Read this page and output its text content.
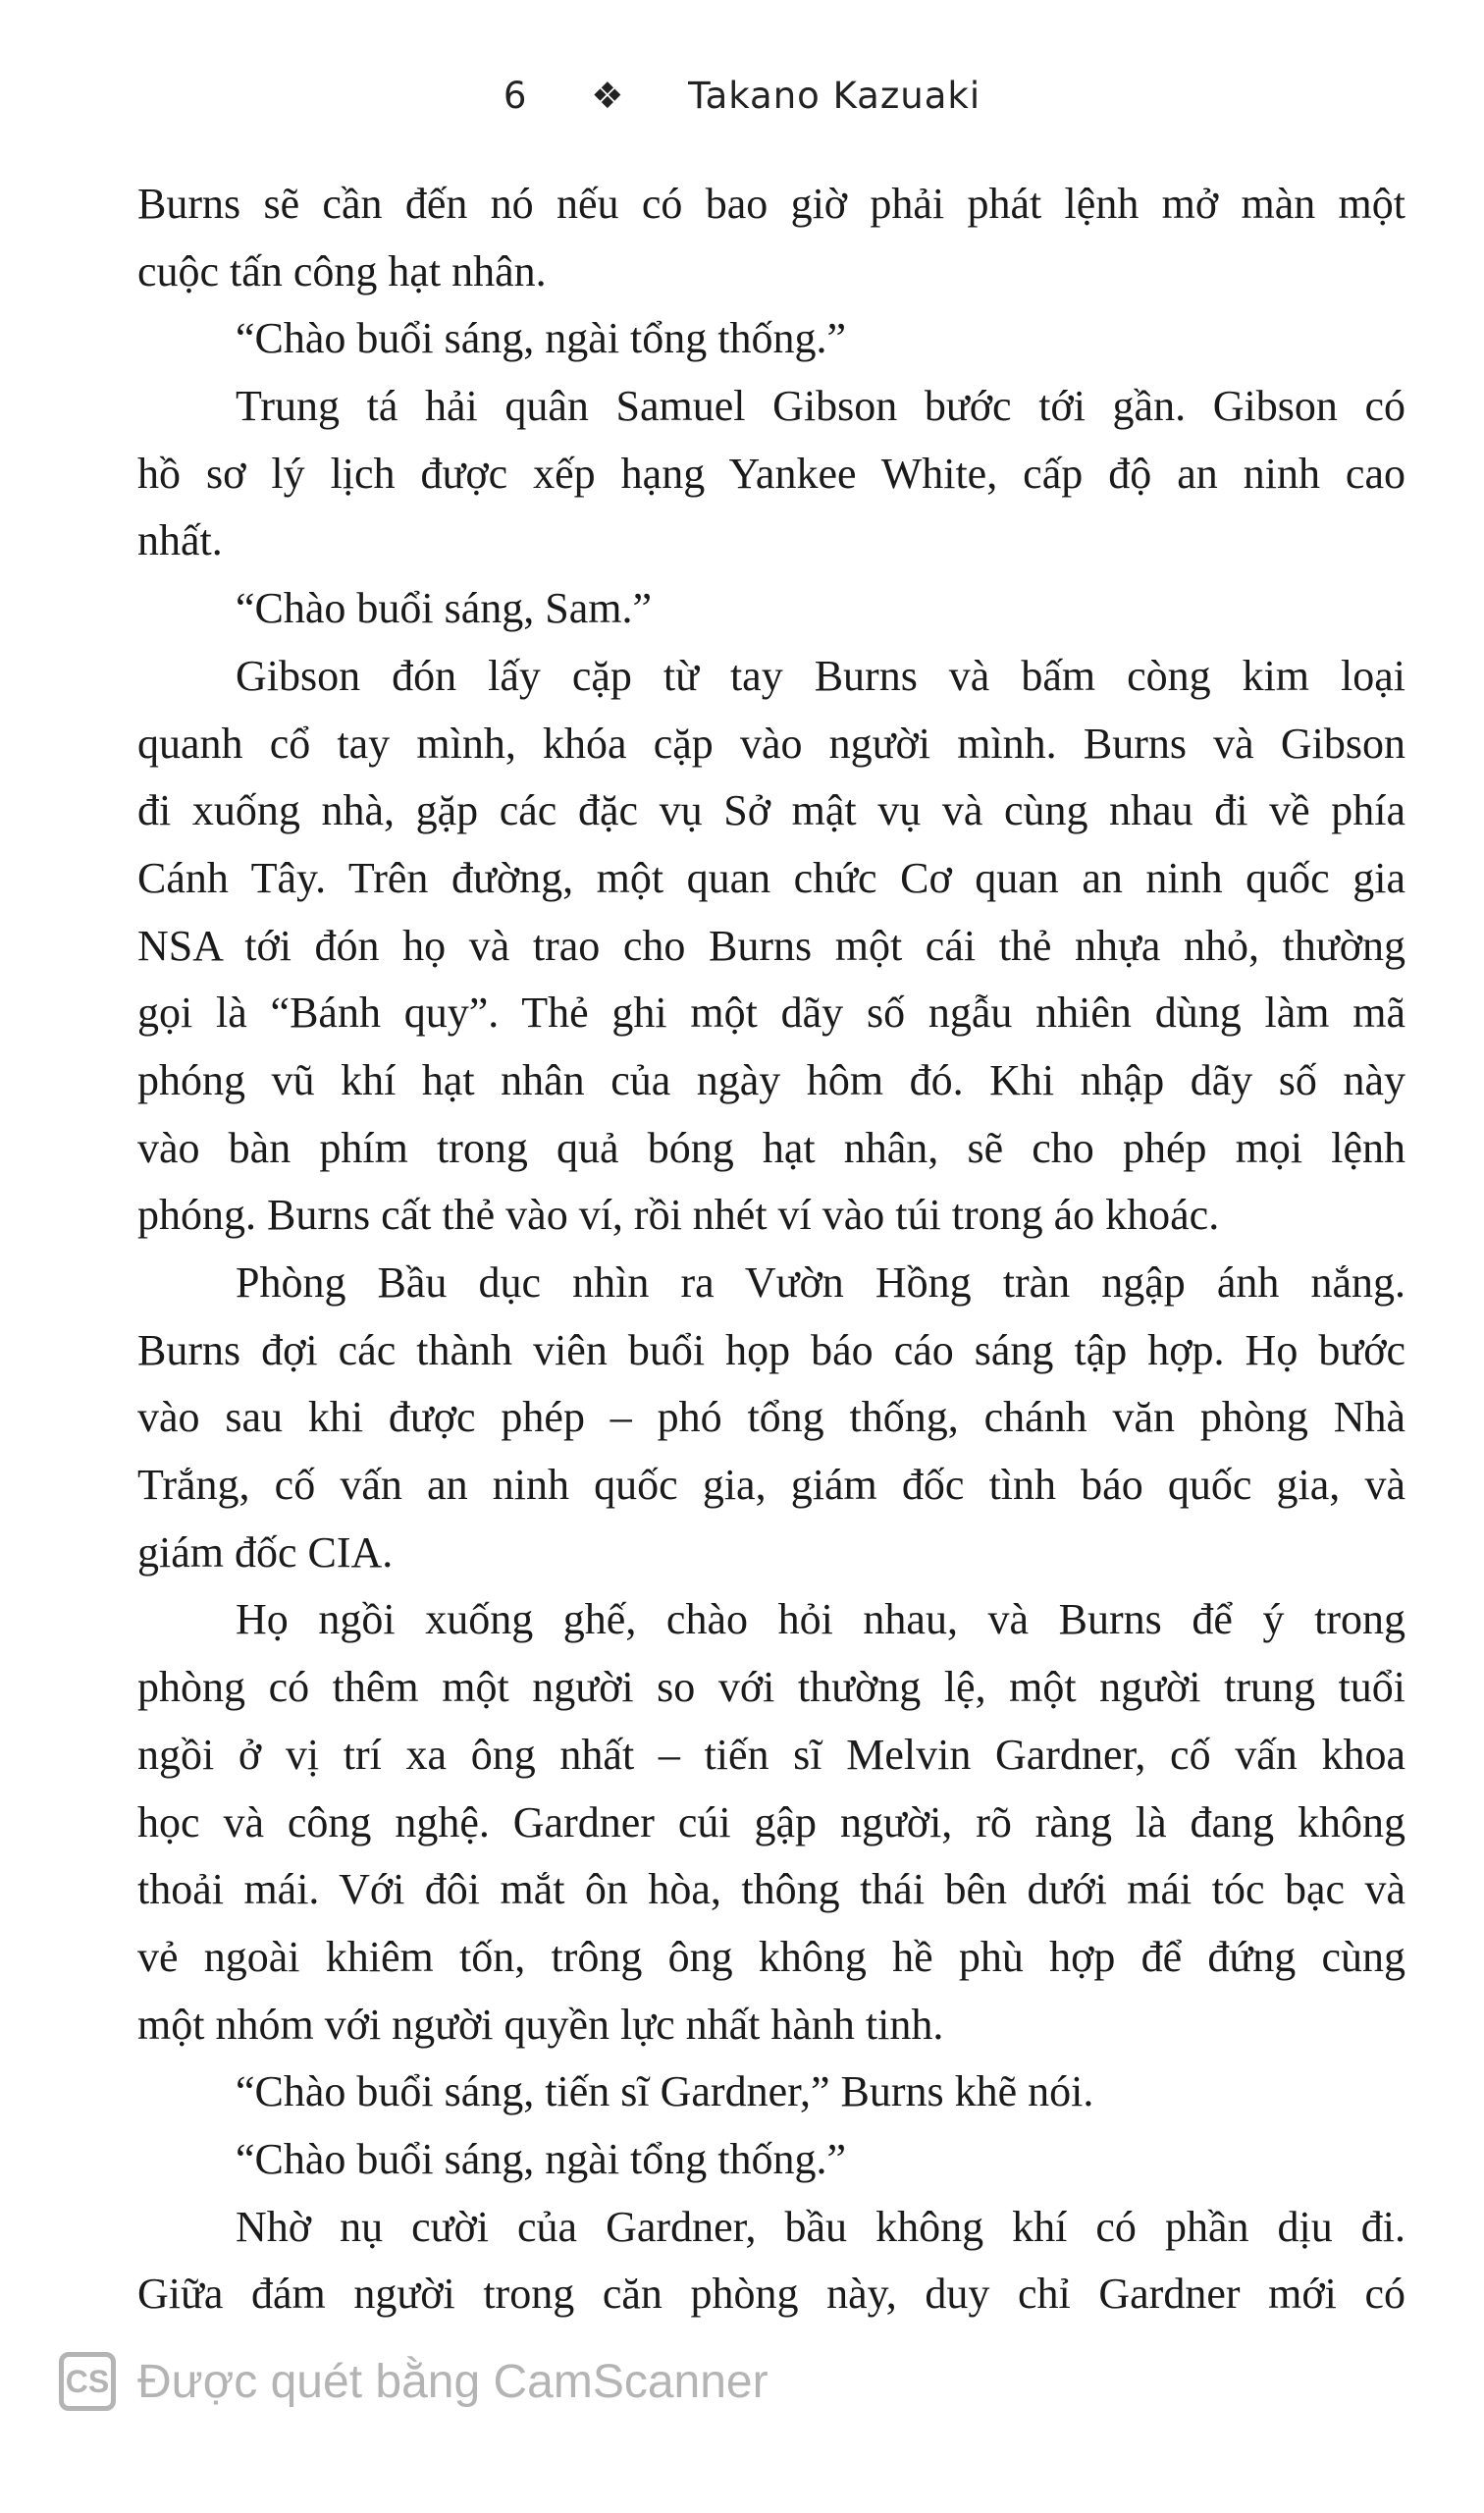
6 ❖ Takano Kazuaki
Burns sẽ cần đến nó nếu có bao giờ phải phát lệnh mở màn một
cuộc tấn công hạt nhân.
“Chào buổi sáng, ngài tổng thống.”
Trung tá hải quân Samuel Gibson bước tới gần. Gibson có
hồ sơ lý lịch được xếp hạng Yankee White, cấp độ an ninh cao
nhất.
“Chào buổi sáng, Sam.”
Gibson đón lấy cặp từ tay Burns và bấm còng kim loại
quanh cổ tay mình, khóa cặp vào người mình. Burns và Gibson
đi xuống nhà, gặp các đặc vụ Sở mật vụ và cùng nhau đi về phía
Cánh Tây. Trên đường, một quan chức Cơ quan an ninh quốc gia
NSA tới đón họ và trao cho Burns một cái thẻ nhựa nhỏ, thường
gọi là “Bánh quy”. Thẻ ghi một dãy số ngẫu nhiên dùng làm mã
phóng vũ khí hạt nhân của ngày hôm đó. Khi nhập dãy số này
vào bàn phím trong quả bóng hạt nhân, sẽ cho phép mọi lệnh
phóng. Burns cất thẻ vào ví, rồi nhét ví vào túi trong áo khoác.
Phòng Bầu dục nhìn ra Vườn Hồng tràn ngập ánh nắng.
Burns đợi các thành viên buổi họp báo cáo sáng tập hợp. Họ bước
vào sau khi được phép – phó tổng thống, chánh văn phòng Nhà
Trắng, cố vấn an ninh quốc gia, giám đốc tình báo quốc gia, và
giám đốc CIA.
Họ ngồi xuống ghế, chào hỏi nhau, và Burns để ý trong
phòng có thêm một người so với thường lệ, một người trung tuổi
ngồi ở vị trí xa ông nhất – tiến sĩ Melvin Gardner, cố vấn khoa
học và công nghệ. Gardner cúi gập người, rõ ràng là đang không
thoải mái. Với đôi mắt ôn hòa, thông thái bên dưới mái tóc bạc và
vẻ ngoài khiêm tốn, trông ông không hề phù hợp để đứng cùng
một nhóm với người quyền lực nhất hành tinh.
“Chào buổi sáng, tiến sĩ Gardner,” Burns khẽ nói.
“Chào buổi sáng, ngài tổng thống.”
Nhờ nụ cười của Gardner, bầu không khí có phần dịu đi.
Giữa đám người trong căn phòng này, duy chỉ Gardner mới có
CS Được quét bằng CamScanner
